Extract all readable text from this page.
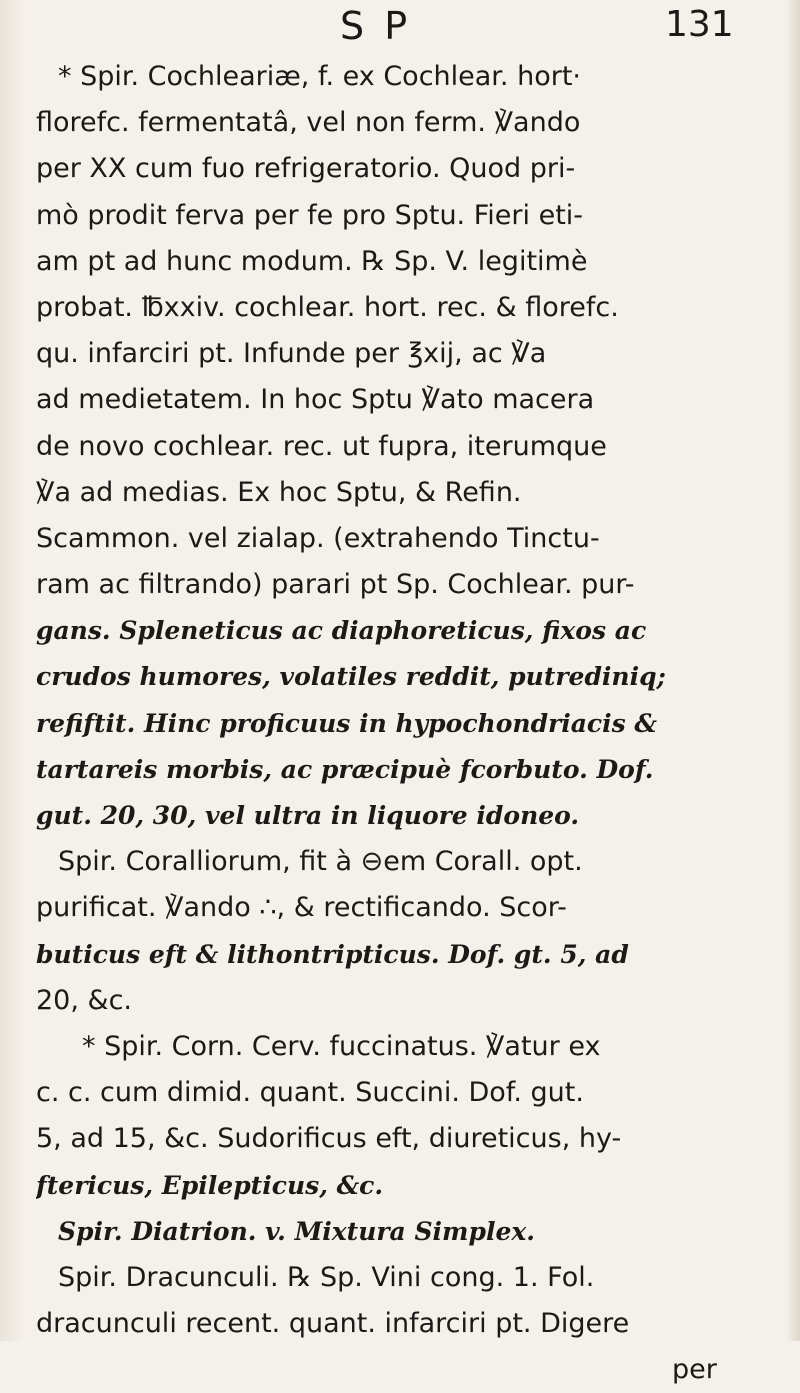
S P	131
* Spir. Cochleariæ, f. ex Cochlear. hort·
florefc. fermentatâ, vel non ferm. ℣ando
per XX cum fuo refrigeratorio. Quod pri-
mò prodit ferva per fe pro Sptu. Fieri eti-
am pt ad hunc modum. ℞ Sp. V. legitimè
probat. ℔xxiv. cochlear. hort. rec. & florefc.
qu. infarciri pt. Infunde per ℥xij, ac ℣a
ad medietatem. In hoc Sptu ℣ato macera
de novo cochlear. rec. ut fupra, iterumque
℣a ad medias. Ex hoc Sptu, & Refin.
Scammon. vel zialap. (extrahendo Tinctu-
ram ac filtrando) parari pt Sp. Cochlear. pur-
gans. Spleneticus ac diaphoreticus, fixos ac
crudos humores, volatiles reddit, putrediniq;
refiftit. Hinc proficuus in hypochondriacis &
tartareis morbis, ac præcipuè fcorbuto. Dof.
gut. 20, 30, vel ultra in liquore idoneo.
Spir. Coralliorum, fit à ⊖em Corall. opt.
purificat. ℣ando ∴, & rectificando. Scor-
buticus eft & lithontripticus. Dof. gt. 5, ad
20, &c.
* Spir. Corn. Cerv. fuccinatus. ℣atur ex
c. c. cum dimid. quant. Succini. Dof. gut.
5, ad 15, &c. Sudorificus eft, diureticus, hy-
ftericus, Epilepticus, &c.
Spir. Diatrion. v. Mixtura Simplex.
Spir. Dracunculi. ℞ Sp. Vini cong. 1. Fol.
dracunculi recent. quant. infarciri pt. Digere
per
